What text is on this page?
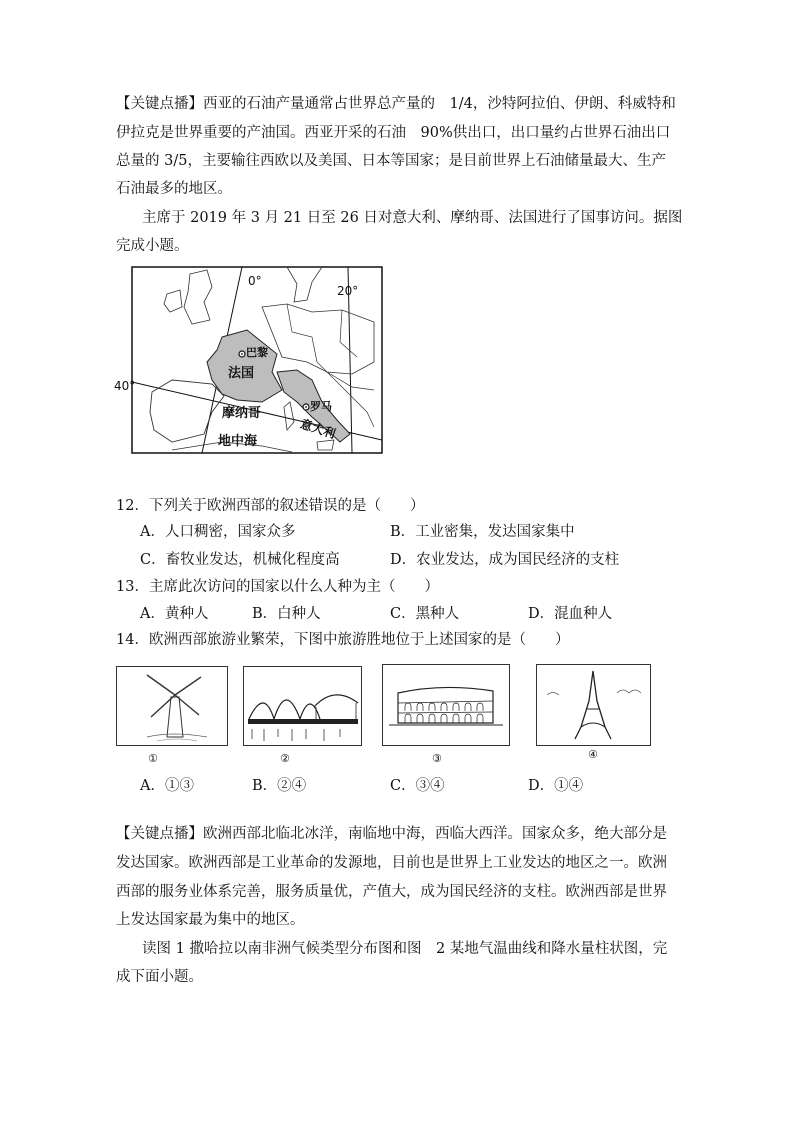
【关键点播】西亚的石油产量通常占世界总产量的　1/4，沙特阿拉伯、伊朗、科威特和
伊拉克是世界重要的产油国。西亚开采的石油　90%供出口，出口量约占世界石油出口
总量的 3/5，主要输往西欧以及美国、日本等国家；是目前世界上石油储量最大、生产
石油最多的地区。
主席于 2019 年 3 月 21 日至 26 日对意大利、摩纳哥、法国进行了国事访问。据图
完成小题。
0°
20°
40°
巴黎
法国
摩纳哥	罗马
地中海
意大利
12．下列关于欧洲西部的叙述错误的是（　　）
A．人口稠密，国家众多	B．工业密集，发达国家集中
C．畜牧业发达，机械化程度高	D．农业发达，成为国民经济的支柱
13．主席此次访问的国家以什么人种为主（　　）
A．黄种人	B．白种人	C．黑种人	D．混血种人
14．欧洲西部旅游业繁荣，下图中旅游胜地位于上述国家的是（　　）
①	②	③	④
A．①③	B．②④	C．③④	D．①④
【关键点播】欧洲西部北临北冰洋，南临地中海，西临大西洋。国家众多，绝大部分是
发达国家。欧洲西部是工业革命的发源地，目前也是世界上工业发达的地区之一。欧洲
西部的服务业体系完善，服务质量优，产值大，成为国民经济的支柱。欧洲西部是世界
上发达国家最为集中的地区。
读图 1 撒哈拉以南非洲气候类型分布图和图　2 某地气温曲线和降水量柱状图，完
成下面小题。
